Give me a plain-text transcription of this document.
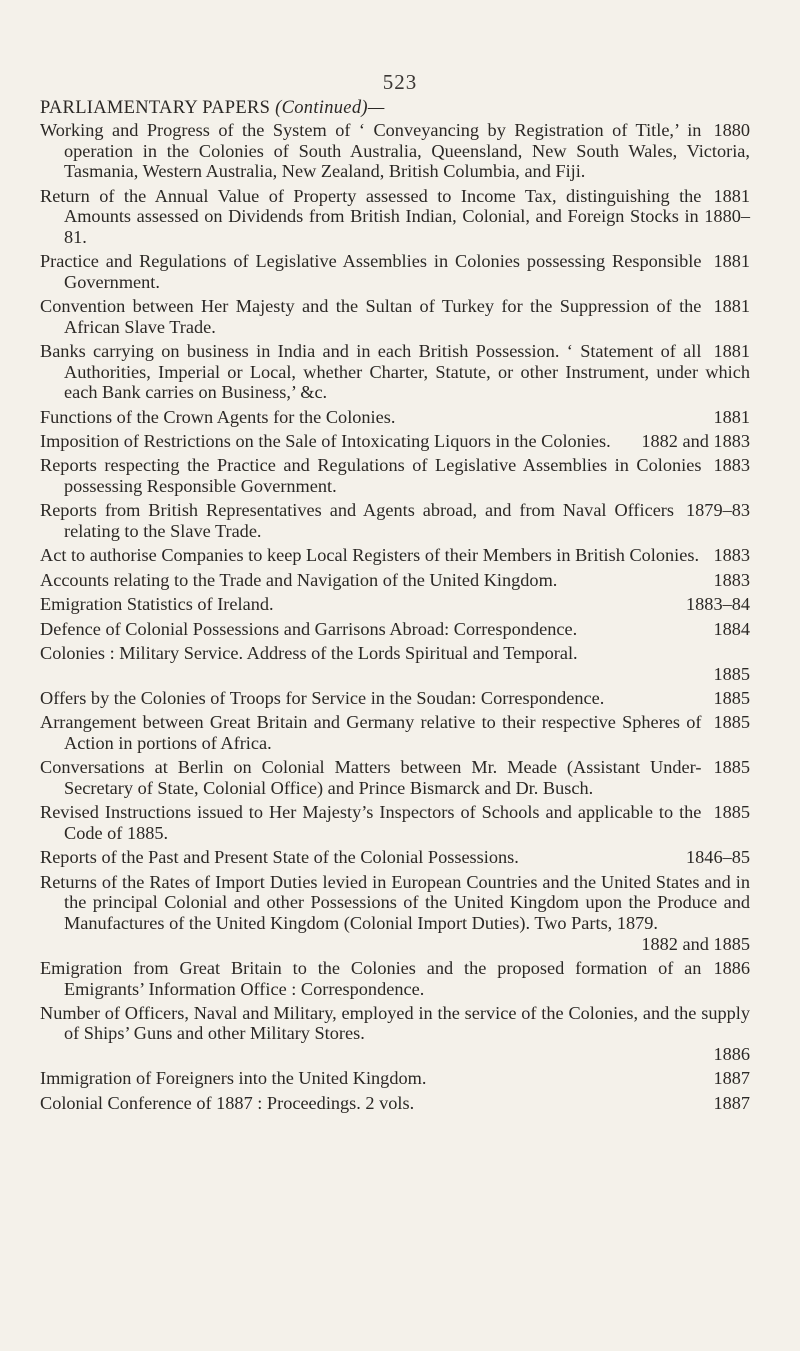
523
PARLIAMENTARY PAPERS (Continued)—
1880
Working and Progress of the System of ‘ Conveyancing by Registration of Title,’ in operation in the Colonies of South Australia, Queensland, New South Wales, Victoria, Tasmania, Western Australia, New Zealand, British Columbia, and Fiji.
1881
Return of the Annual Value of Property assessed to Income Tax, distinguishing the Amounts assessed on Dividends from British Indian, Colonial, and Foreign Stocks in 1880–81.
1881
Practice and Regulations of Legislative Assemblies in Colonies possessing Responsible Government.
1881
Convention between Her Majesty and the Sultan of Turkey for the Suppression of the African Slave Trade.
1881
Banks carrying on business in India and in each British Possession. ‘ Statement of all Authorities, Imperial or Local, whether Charter, Statute, or other Instrument, under which each Bank carries on Business,’ &c.
1881
Functions of the Crown Agents for the Colonies.
1882 and 1883
Imposition of Restrictions on the Sale of Intoxicating Liquors in the Colonies.
1883
Reports respecting the Practice and Regulations of Legislative Assemblies in Colonies possessing Responsible Government.
1879–83
Reports from British Representatives and Agents abroad, and from Naval Officers relating to the Slave Trade.
1883
Act to authorise Companies to keep Local Registers of their Members in British Colonies.
1883
Accounts relating to the Trade and Navigation of the United Kingdom.
1883–84
Emigration Statistics of Ireland.
1884
Defence of Colonial Possessions and Garrisons Abroad: Correspondence.
Colonies : Military Service. Address of the Lords Spiritual and Temporal.
1885
1885
Offers by the Colonies of Troops for Service in the Soudan: Correspondence.
1885
Arrangement between Great Britain and Germany relative to their respective Spheres of Action in portions of Africa.
1885
Conversations at Berlin on Colonial Matters between Mr. Meade (Assistant Under-Secretary of State, Colonial Office) and Prince Bismarck and Dr. Busch.
1885
Revised Instructions issued to Her Majesty’s Inspectors of Schools and applicable to the Code of 1885.
1846–85
Reports of the Past and Present State of the Colonial Possessions.
Returns of the Rates of Import Duties levied in European Countries and the United States and in the principal Colonial and other Possessions of the United Kingdom upon the Produce and Manufactures of the United Kingdom (Colonial Import Duties). Two Parts, 1879.
1882 and 1885
1886
Emigration from Great Britain to the Colonies and the proposed formation of an Emigrants’ Information Office : Correspondence.
Number of Officers, Naval and Military, employed in the service of the Colonies, and the supply of Ships’ Guns and other Military Stores.
1886
1887
Immigration of Foreigners into the United Kingdom.
1887
Colonial Conference of 1887 : Proceedings. 2 vols.
